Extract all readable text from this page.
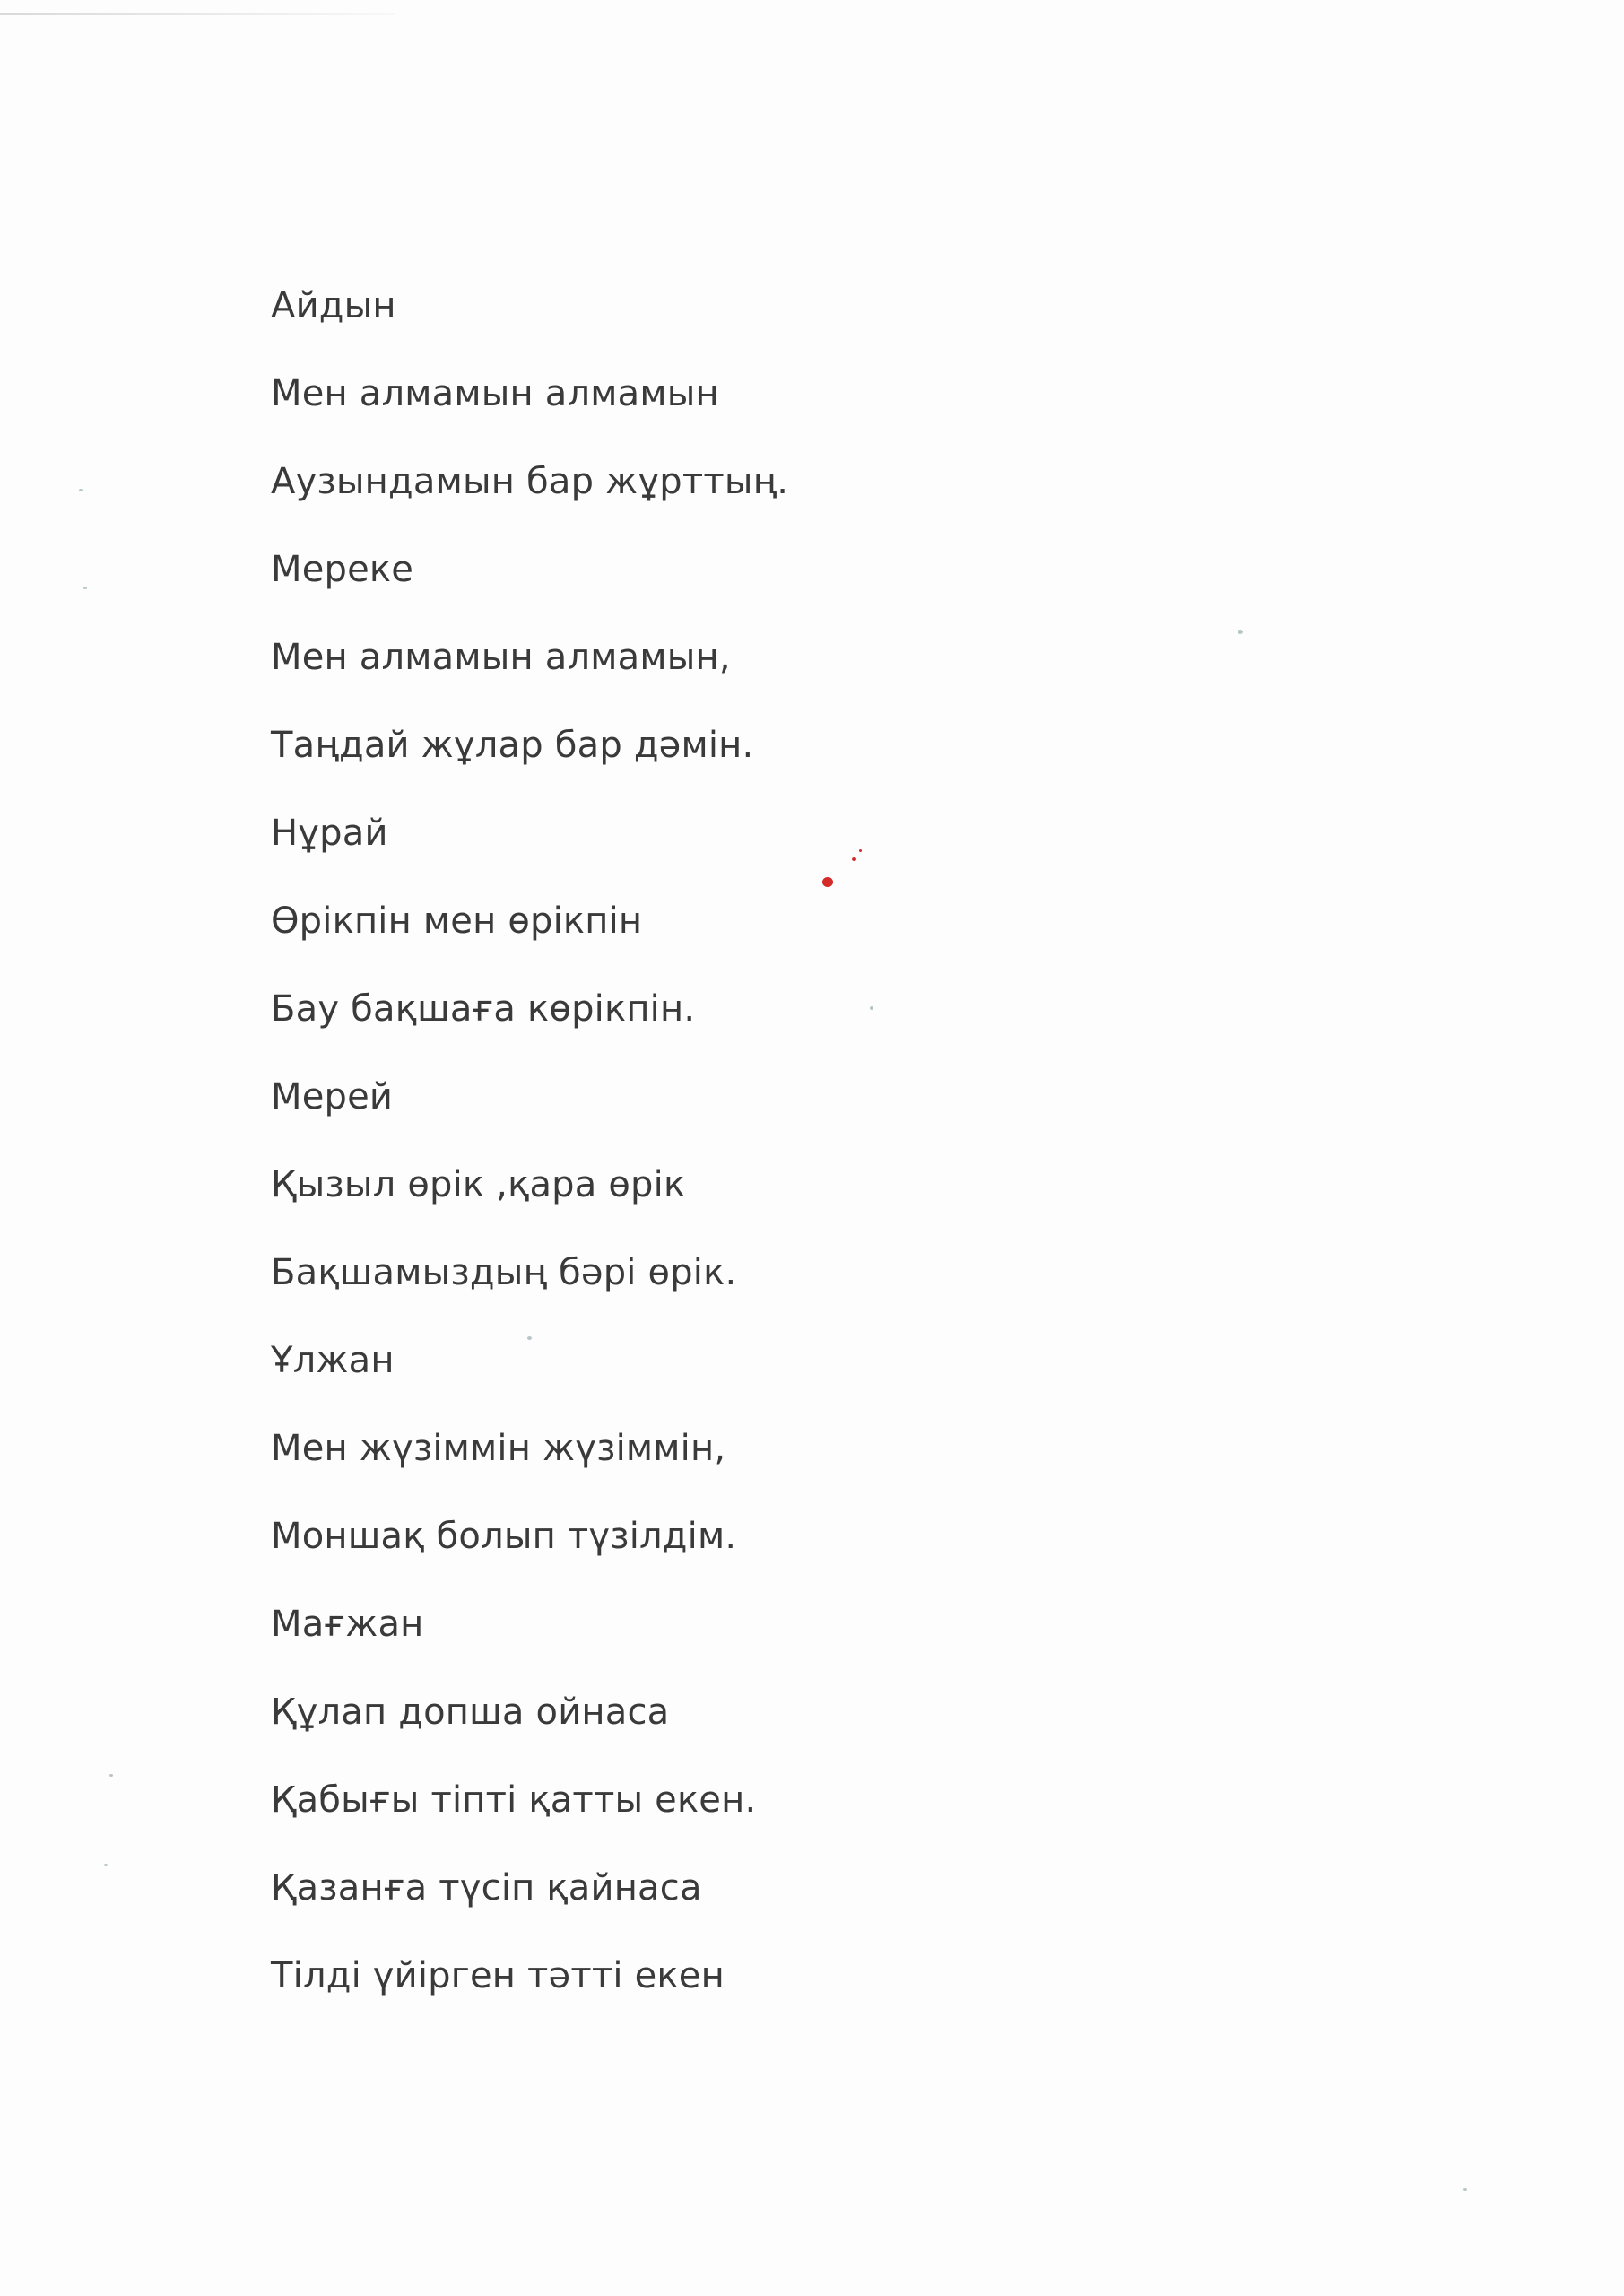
Айдын
Мен алмамын алмамын
Аузындамын бар жұрттың.
Мереке
Мен алмамын алмамын,
Таңдай жұлар бар дәмін.
Нұрай
Өрікпін мен өрікпін
Бау бақшаға көрікпін.
Мерей
Қызыл өрік ,қара өрік
Бақшамыздың бәрі өрік.
Ұлжан
Мен жүзіммін жүзіммін,
Моншақ болып түзілдім.
Мағжан
Құлап допша ойнаса
Қабығы тіпті қатты екен.
Қазанға түсіп қайнаса
Тілді үйірген тәтті екен
